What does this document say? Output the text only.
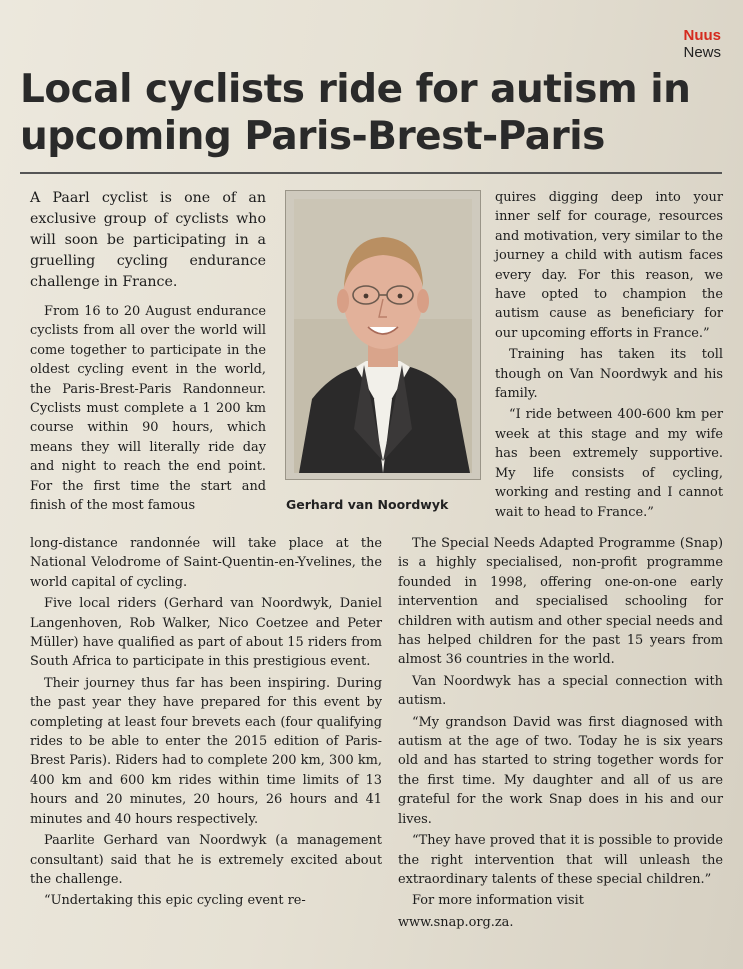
Nuus
News
Local cyclists ride for autism in upcoming Paris-Brest-Paris
A Paarl cyclist is one of an exclusive group of cyclists who will soon be participating in a gruelling cycling endurance challenge in France.

From 16 to 20 August endurance cyclists from all over the world will come together to participate in the oldest cycling event in the world, the Paris-Brest-Paris Randonneur. Cyclists must complete a 1 200 km course within 90 hours, which means they will literally ride day and night to reach the end point. For the first time the start and finish of the most famous	Gerhard van Noordwyk

long-distance randonnée will take place at the National Velodrome of Saint-Quentin-en-Yvelines, the world capital of cycling.

Five local riders (Gerhard van Noordwyk, Daniel Langenhoven, Rob Walker, Nico Coetzee and Peter Müller) have qualified as part of about 15 riders from South Africa to participate in this prestigious event.

Their journey thus far has been inspiring. During the past year they have prepared for this event by completing at least four brevets each (four qualifying rides to be able to enter the 2015 edition of Paris-Brest Paris). Riders had to complete 200 km, 300 km, 400 km and 600 km rides within time limits of 13 hours and 20 minutes, 20 hours, 26 hours and 41 minutes and 40 hours respectively.

Paarlite Gerhard van Noordwyk (a management consultant) said that he is extremely excited about the challenge.

“Undertaking this epic cycling event re-

quires digging deep into your inner self for courage, resources and motivation, very similar to the journey a child with autism faces every day. For this reason, we have opted to champion the autism cause as beneficiary for our upcoming efforts in France.”

Training has taken its toll though on Van Noordwyk and his family.

“I ride between 400-600 km per week at this stage and my wife has been extremely supportive. My life consists of cycling, working and resting and I cannot wait to head to France.”

The Special Needs Adapted Programme (Snap) is a highly specialised, non-profit programme founded in 1998, offering one-on-one early intervention and specialised schooling for children with autism and other special needs and has helped children for the past 15 years from almost 36 countries in the world.

Van Noordwyk has a special connection with autism.

“My grandson David was first diagnosed with autism at the age of two. Today he is six years old and has started to string together words for the first time. My daughter and all of us are grateful for the work Snap does in his and our lives.

“They have proved that it is possible to provide the right intervention that will unleash the extraordinary talents of these special children.”

For more information visit

www.snap.org.za.
